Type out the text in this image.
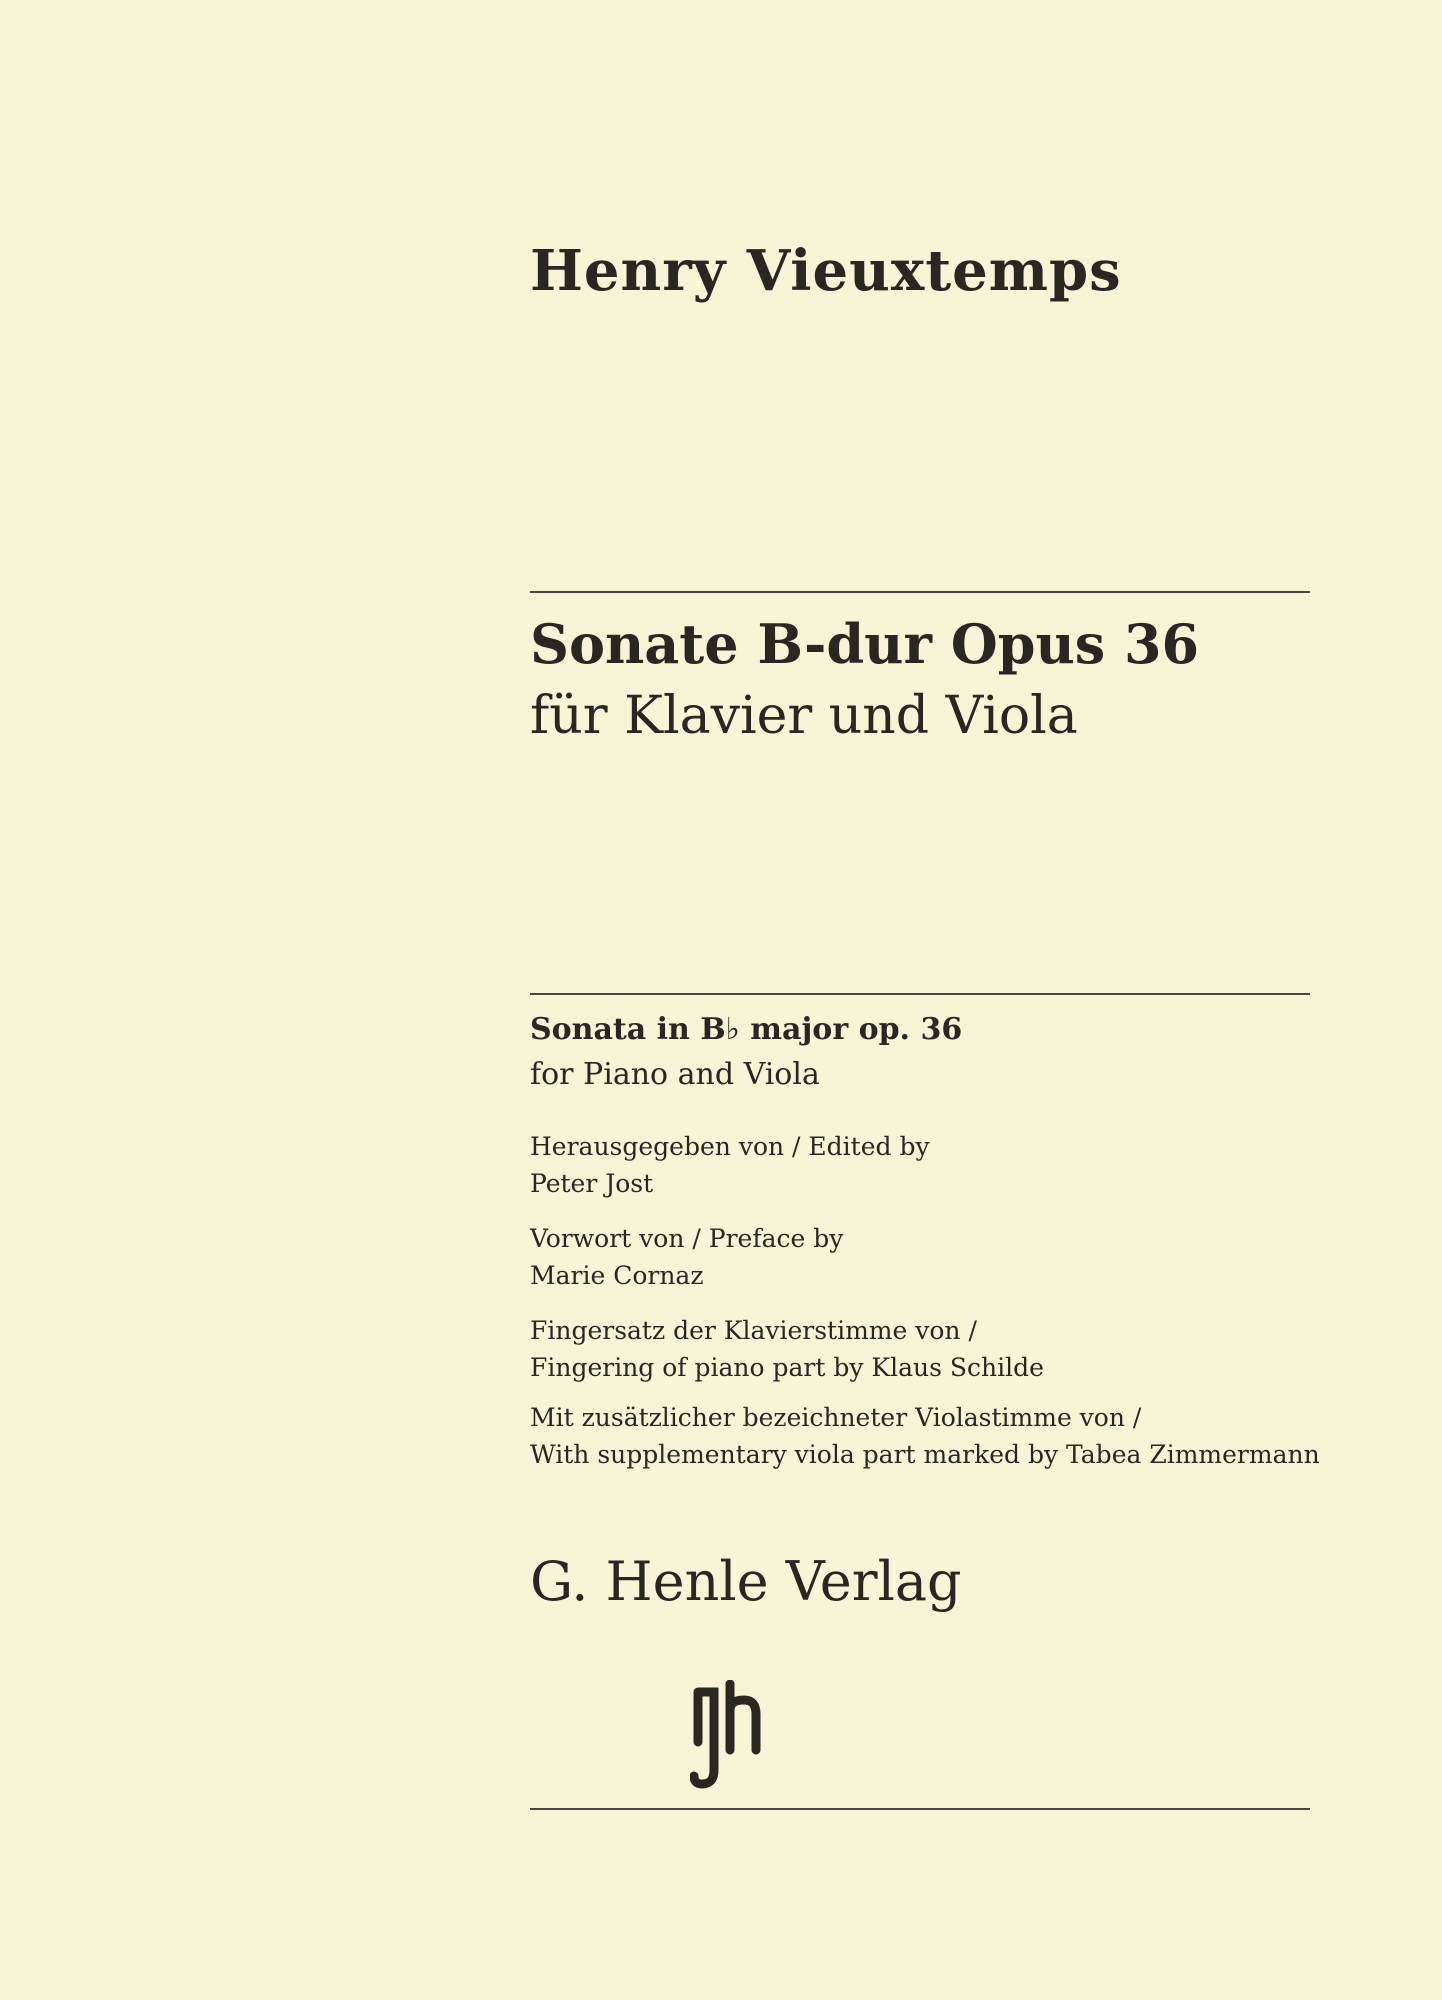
Henry Vieuxtemps
Sonate B-dur Opus 36
für Klavier und Viola
Sonata in B♭ major op. 36
for Piano and Viola
Herausgegeben von / Edited by
Peter Jost
Vorwort von / Preface by
Marie Cornaz
Fingersatz der Klavierstimme von /
Fingering of piano part by Klaus Schilde
Mit zusätzlicher bezeichneter Violastimme von /
With supplementary viola part marked by Tabea Zimmermann
G. Henle Verlag
